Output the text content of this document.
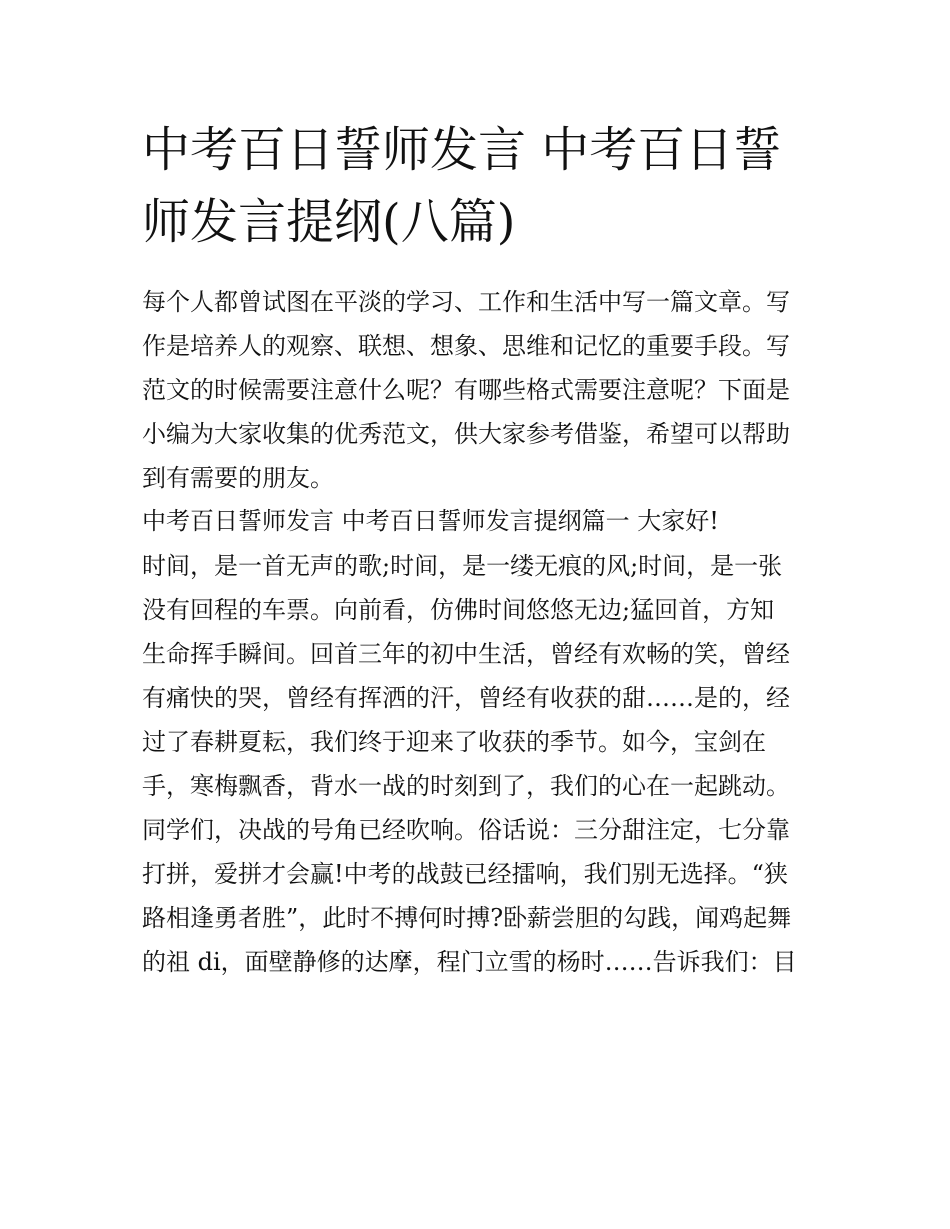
中考百日誓师发言 中考百日誓
师发言提纲(八篇)
每个人都曾试图在平淡的学习、工作和生活中写一篇文章。写
作是培养人的观察、联想、想象、思维和记忆的重要手段。写
范文的时候需要注意什么呢？有哪些格式需要注意呢？下面是
小编为大家收集的优秀范文，供大家参考借鉴，希望可以帮助
到有需要的朋友。
中考百日誓师发言 中考百日誓师发言提纲篇一 大家好!
时间，是一首无声的歌;时间，是一缕无痕的风;时间，是一张
没有回程的车票。向前看，仿佛时间悠悠无边;猛回首，方知
生命挥手瞬间。回首三年的初中生活，曾经有欢畅的笑，曾经
有痛快的哭，曾经有挥洒的汗，曾经有收获的甜……是的，经
过了春耕夏耘，我们终于迎来了收获的季节。如今，宝剑在
手，寒梅飘香，背水一战的时刻到了，我们的心在一起跳动。
同学们，决战的号角已经吹响。俗话说：三分甜注定，七分靠
打拼，爱拼才会赢!中考的战鼓已经擂响，我们别无选择。“狭
路相逢勇者胜”，此时不搏何时搏?卧薪尝胆的勾践，闻鸡起舞
的祖 di，面壁静修的达摩，程门立雪的杨时……告诉我们：目
